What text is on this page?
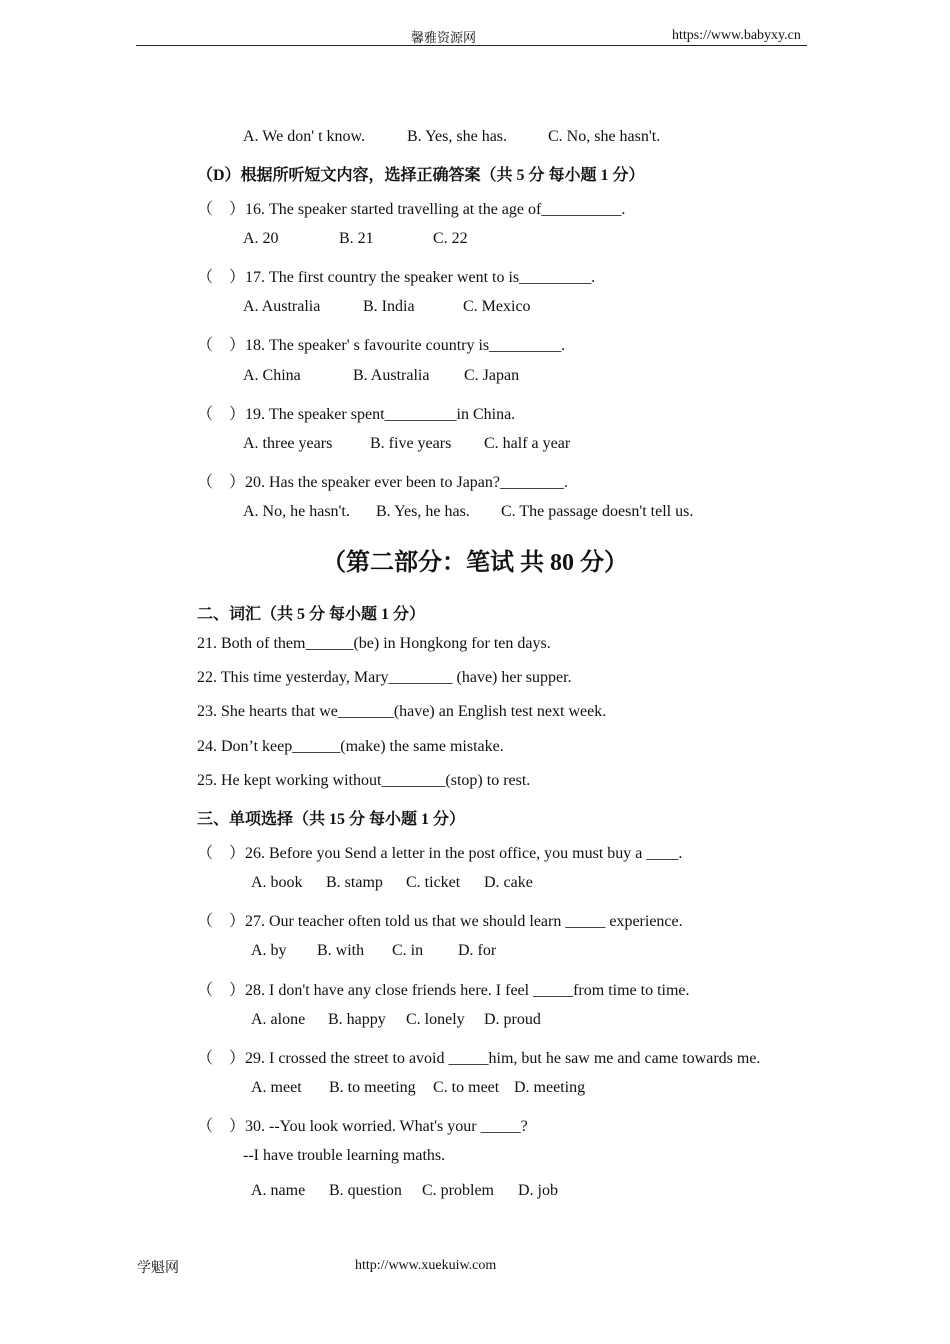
馨雅资源网	https://www.babyxy.cn
A. We don' t know.	B. Yes, she has.	C. No, she hasn't.
（D）根据所听短文内容，选择正确答案（共 5 分 每小题 1 分）
（    ）16. The speaker started travelling at the age of__________.
A. 20	B. 21	C. 22
（    ）17. The first country the speaker went to is_________.
A. Australia	B. India	C. Mexico
（    ）18. The speaker' s favourite country is_________.
A. China	B. Australia C. Japan
（    ）19. The speaker spent_________in China.
A. three years B. five years C. half a year
（    ）20. Has the speaker ever been to Japan?________.
A. No, he hasn't. B. Yes, he has. C. The passage doesn't tell us.
（第二部分：笔试 共 80 分）
二、词汇（共 5 分 每小题 1 分）
21. Both of them______(be) in Hongkong for ten days.
22. This time yesterday, Mary________ (have) her supper.
23. She hearts that we_______(have) an English test next week.
24. Don’t keep______(make) the same mistake.
25. He kept working without________(stop) to rest.
三、单项选择（共 15 分 每小题 1 分）
（    ）26. Before you Send a letter in the post office, you must buy a ____.
A. book B. stamp C. ticket D. cake
（    ）27. Our teacher often told us that we should learn _____ experience.
A. by B. with C. in D. for
（    ）28. I don't have any close friends here. I feel _____from time to time.
A. alone B. happy C. lonely D. proud
（    ）29. I crossed the street to avoid _____him, but he saw me and came towards me.
A. meet B. to meeting C. to meet D. meeting
（    ）30. --You look worried. What's your _____?
--I have trouble learning maths.
A. name B. question C. problem D. job
学魁网	http://www.xuekuiw.com
